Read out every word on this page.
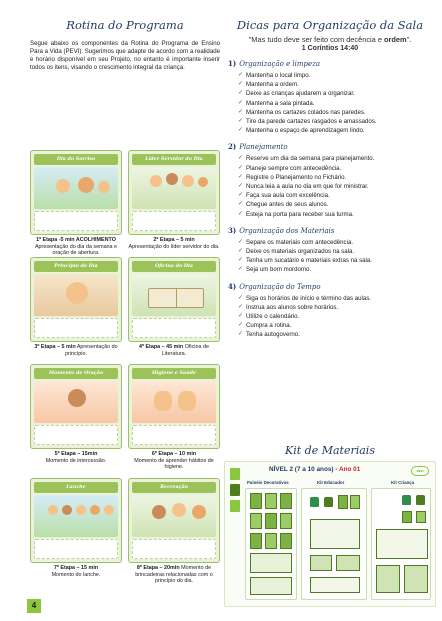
Rotina do Programa

Segue abaixo os componentes da Rotina do Programa de Ensino Para a Vida (PEVI). Sugerimos que adapte de acordo com a realidade e horário disponível em seu Projeto, no entanto é importante inserir todos os itens, visando o crescimento integral da criança.

Dia do Sorriso
1º Etapa -5 min ACOLHIMENTO
Apresentação do dia da semana e oração de abertura.
Líder Servidor do Dia
2º Etapa – 5 min
Apresentação do líder servidor do dia.
Princípio do Dia
3º Etapa – 5 min Apresentação do princípio.
Oficina do Dia
4º Etapa – 45 min Oficina de Literatura.
Momento de Oração
5º Etapa – 15min
Momento de intercessão.
Higiene e Saúde
6º Etapa – 10 min
Momento de aprender hábitos de higiene.
Lanche
7º Etapa – 15 min
Momento do lanche.
Recreação
8º Etapa – 20min Momento de brincadeiras relacionadas com o princípio do dia.
4
Dicas para Organização da Sala
"Mas tudo deve ser feito com decência e ordem".
1 Coríntios 14:40
1) Organização e limpeza
✓ Mantenha o local limpo.
✓ Mantenha a ordem.
✓ Deixe as crianças ajudarem a organizar.
✓ Mantenha a sala pintada.
✓ Mantenha os cartazes colados nas paredes.
✓ Tire da parede cartazes rasgados e amassados.
✓ Mantenha o espaço de aprendizagem lindo.
2) Planejamento
✓ Reserve um dia da semana para planejamento.
✓ Planeje sempre com antecedência.
✓ Registre o Planejamento no Fichário.
✓ Nunca leia a aula no dia em que for ministrar.
✓ Faça sua aula com excelência.
✓ Chegue antes de seus alunos.
✓ Esteja na porta para receber sua turma.
3) Organização dos Materiais
✓ Separe os materiais com antecedência.
✓ Deixe os materiais organizados na sala.
✓ Tenha um sucatário e materiais extras na sala.
✓ Seja um bom mordomo.
4) Organização do Tempo
✓ Siga os horários de início e término das aulas.
✓ Instrua aos alunos sobre horários.
✓ Utilize o calendário.
✓ Cumpra a rotina.
✓ Tenha autogoverno.
Kit de Materiais
NÍVEL 2 (7 a 10 anos) - Ano 01	PEVI
Painéis Decorativos	Kit Educador	Kit Criança
